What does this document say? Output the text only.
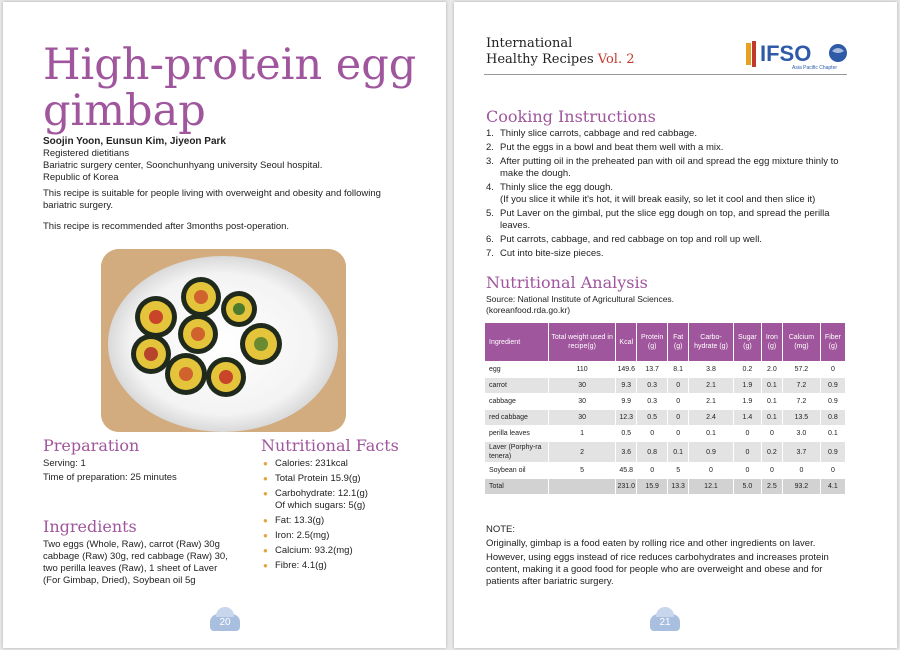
High-protein egg gimbap
Soojin Yoon, Eunsun Kim, Jiyeon Park
Registered dietitians
Bariatric surgery center, Soonchunhyang university Seoul hospital.
Republic of Korea
This recipe is suitable for people living with overweight and obesity and following bariatric surgery.
This recipe is recommended after 3months post-operation.
Preparation
Serving: 1
Time of preparation: 25 minutes
Ingredients
Two eggs (Whole, Raw), carrot (Raw) 30g
cabbage (Raw) 30g, red cabbage (Raw) 30,
two perilla leaves (Raw), 1 sheet of Laver
(For Gimbap, Dried), Soybean oil 5g
Nutritional Facts
● Calories: 231kcal
● Total Protein 15.9(g)
● Carbohydrate: 12.1(g)
Of which sugars: 5(g)
● Fat: 13.3(g)
● Iron: 2.5(mg)
● Calcium: 93.2(mg)
● Fibre: 4.1(g)
20
International
Healthy Recipes Vol. 2	IFSO
Asia Pacific Chapter
Cooking Instructions
1. Thinly slice carrots, cabbage and red cabbage.
2. Put the eggs in a bowl and beat them well with a mix.
3. After putting oil in the preheated pan with oil and spread the egg mixture thinly to make the dough.
4. Thinly slice the egg dough.
(If you slice it while it's hot, it will break easily, so let it cool and then slice it)
5. Put Laver on the gimbal, put the slice egg dough on top, and spread the perilla leaves.
6. Put carrots, cabbage, and red cabbage on top and roll up well.
7. Cut into bite-size pieces.
Nutritional Analysis
Source: National Institute of Agricultural Sciences.
(koreanfood.rda.go.kr)
Ingredient	Total weight used in recipe(g)	Kcal	Protein (g)	Fat (g)	Carbo-hydrate (g)	Sugar (g)	Iron (g)	Calcium (mg)	Fiber (g)
egg	110	149.6	13.7	8.1	3.8	0.2	2.0	57.2	0
carrot	30	9.3	0.3	0	2.1	1.9	0.1	7.2	0.9
cabbage	30	9.9	0.3	0	2.1	1.9	0.1	7.2	0.9
red cabbage	30	12.3	0.5	0	2.4	1.4	0.1	13.5	0.8
perilla leaves	1	0.5	0	0	0.1	0	0	3.0	0.1
Laver (Porphy-ra tenera)	2	3.6	0.8	0.1	0.9	0	0.2	3.7	0.9
Soybean oil	5	45.8	0	5	0	0	0	0	0
Total		231.0	15.9	13.3	12.1	5.0	2.5	93.2	4.1
NOTE:
Originally, gimbap is a food eaten by rolling rice and other ingredients on laver.
However, using eggs instead of rice reduces carbohydrates and increases protein content, making it a good food for people who are overweight and obese and for patients after bariatric surgery.
21
